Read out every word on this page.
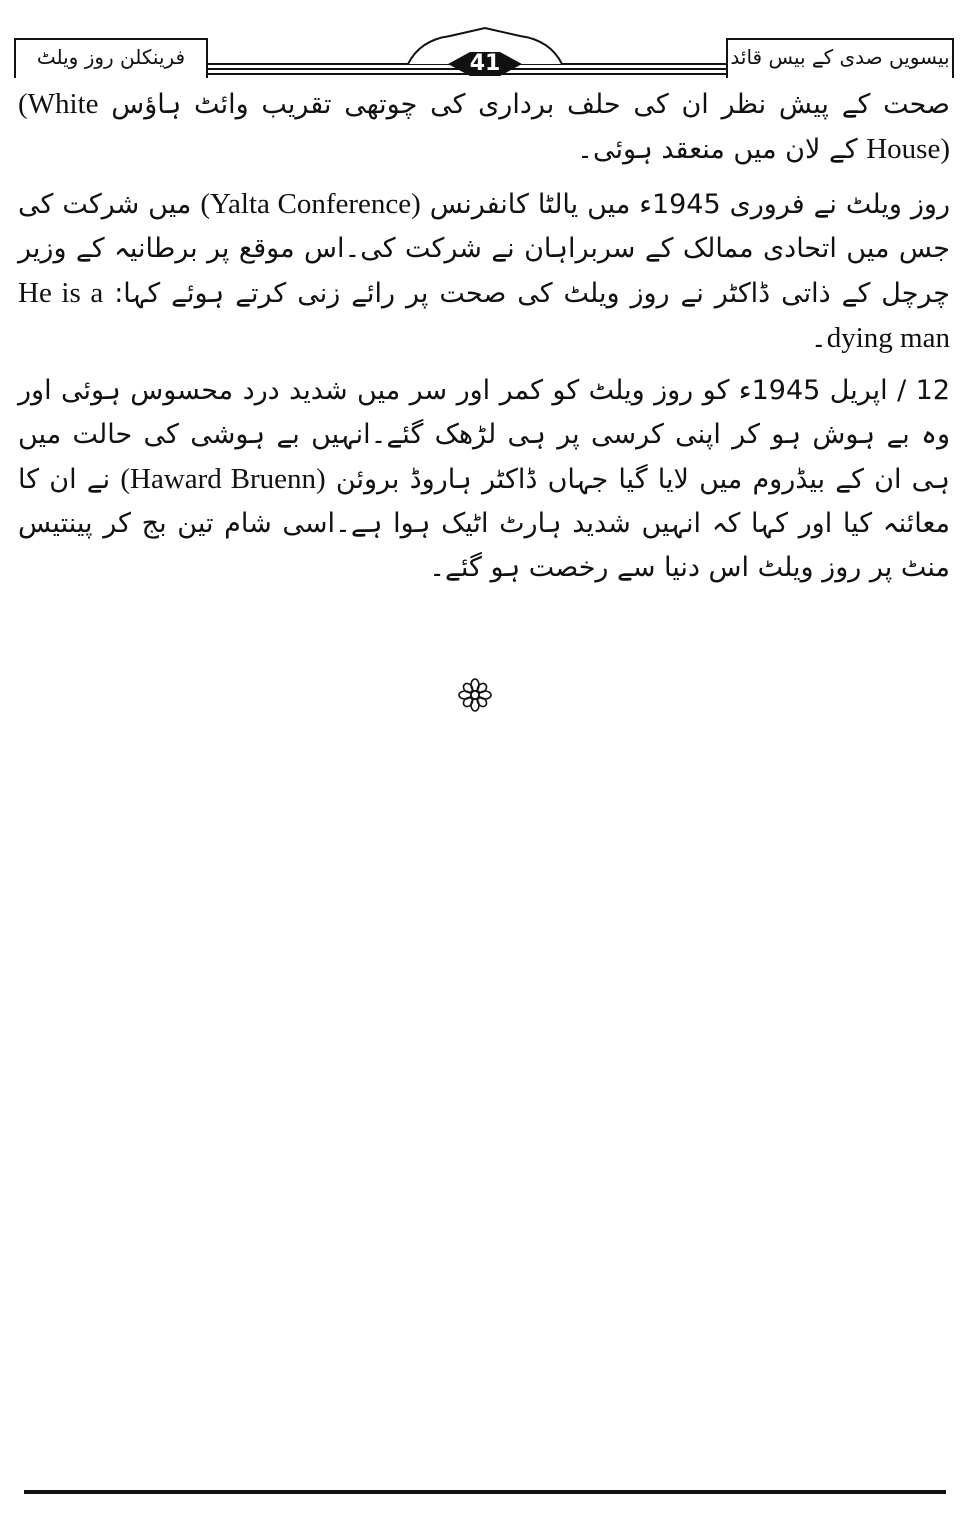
فرینکلن روز ویلٹ	بیسویں صدی کے بیس قائد
41

صحت کے پیش نظر ان کی حلف برداری کی چوتھی تقریب وائٹ ہاؤس (White House) کے لان میں منعقد ہوئی۔

روز ویلٹ نے فروری 1945ء میں یالٹا کانفرنس (Yalta Conference) میں شرکت کی جس میں اتحادی ممالک کے سربراہان نے شرکت کی۔اس موقع پر برطانیہ کے وزیر چرچل کے ذاتی ڈاکٹر نے روز ویلٹ کی صحت پر رائے زنی کرتے ہوئے کہا: He is a dying man۔

12 / اپریل 1945ء کو روز ویلٹ کو کمر اور سر میں شدید درد محسوس ہوئی اور وہ بے ہوش ہو کر اپنی کرسی پر ہی لڑھک گئے۔انہیں بے ہوشی کی حالت میں ہی ان کے بیڈروم میں لایا گیا جہاں ڈاکٹر ہاروڈ بروئن (Haward Bruenn) نے ان کا معائنہ کیا اور کہا کہ انہیں شدید ہارٹ اٹیک ہوا ہے۔اسی شام تین بج کر پینتیس منٹ پر روز ویلٹ اس دنیا سے رخصت ہو گئے۔
